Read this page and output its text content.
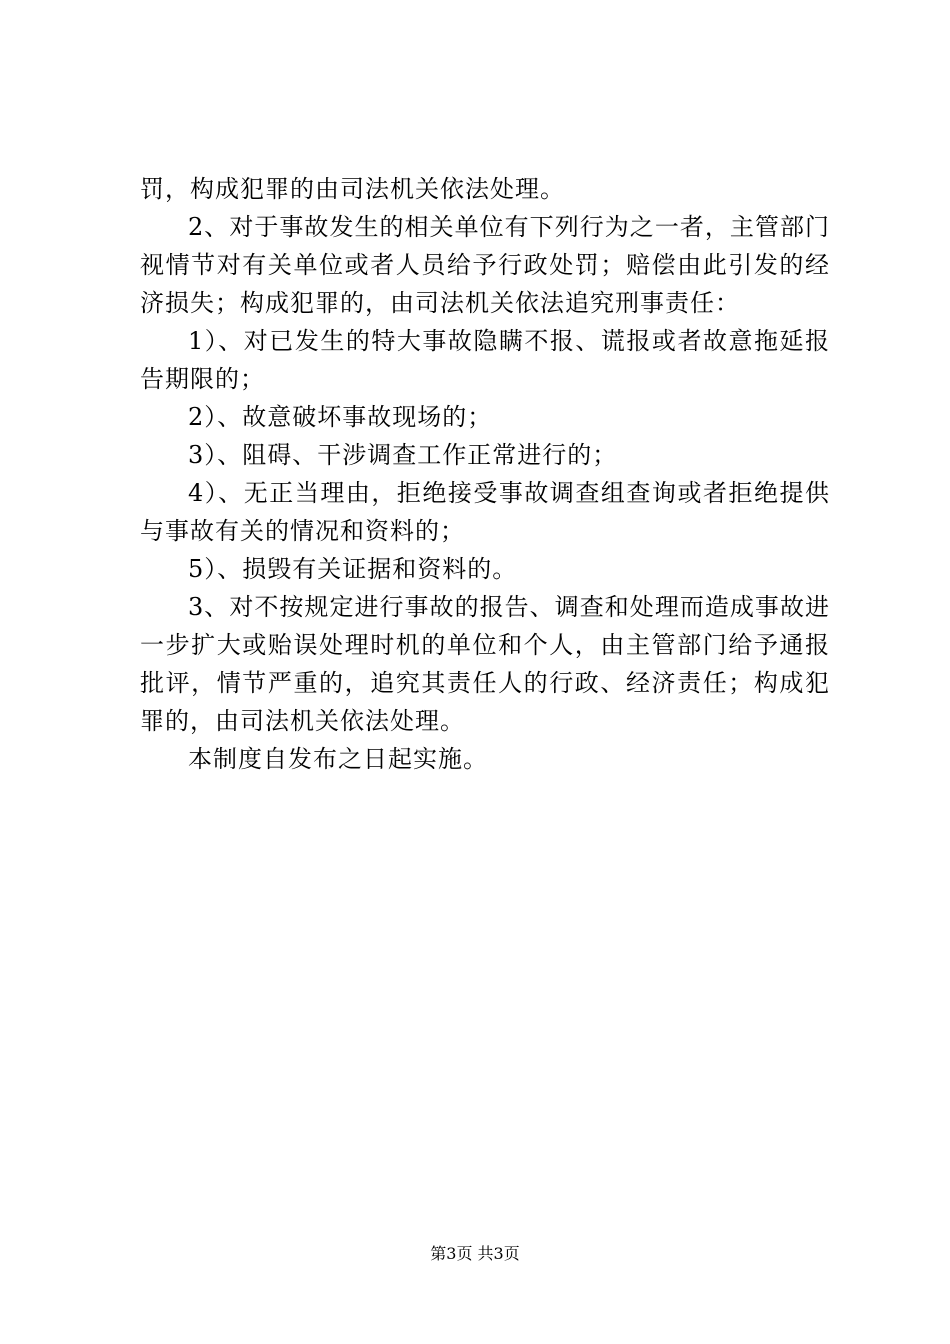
罚，构成犯罪的由司法机关依法处理。
2、对于事故发生的相关单位有下列行为之一者，主管部门
视情节对有关单位或者人员给予行政处罚；赔偿由此引发的经
济损失；构成犯罪的，由司法机关依法追究刑事责任：
1）、对已发生的特大事故隐瞒不报、谎报或者故意拖延报
告期限的；
2）、故意破坏事故现场的；
3）、阻碍、干涉调查工作正常进行的；
4）、无正当理由，拒绝接受事故调查组查询或者拒绝提供
与事故有关的情况和资料的；
5）、损毁有关证据和资料的。
3、对不按规定进行事故的报告、调查和处理而造成事故进
一步扩大或贻误处理时机的单位和个人，由主管部门给予通报
批评，情节严重的，追究其责任人的行政、经济责任；构成犯
罪的，由司法机关依法处理。
本制度自发布之日起实施。
第3页 共3页
